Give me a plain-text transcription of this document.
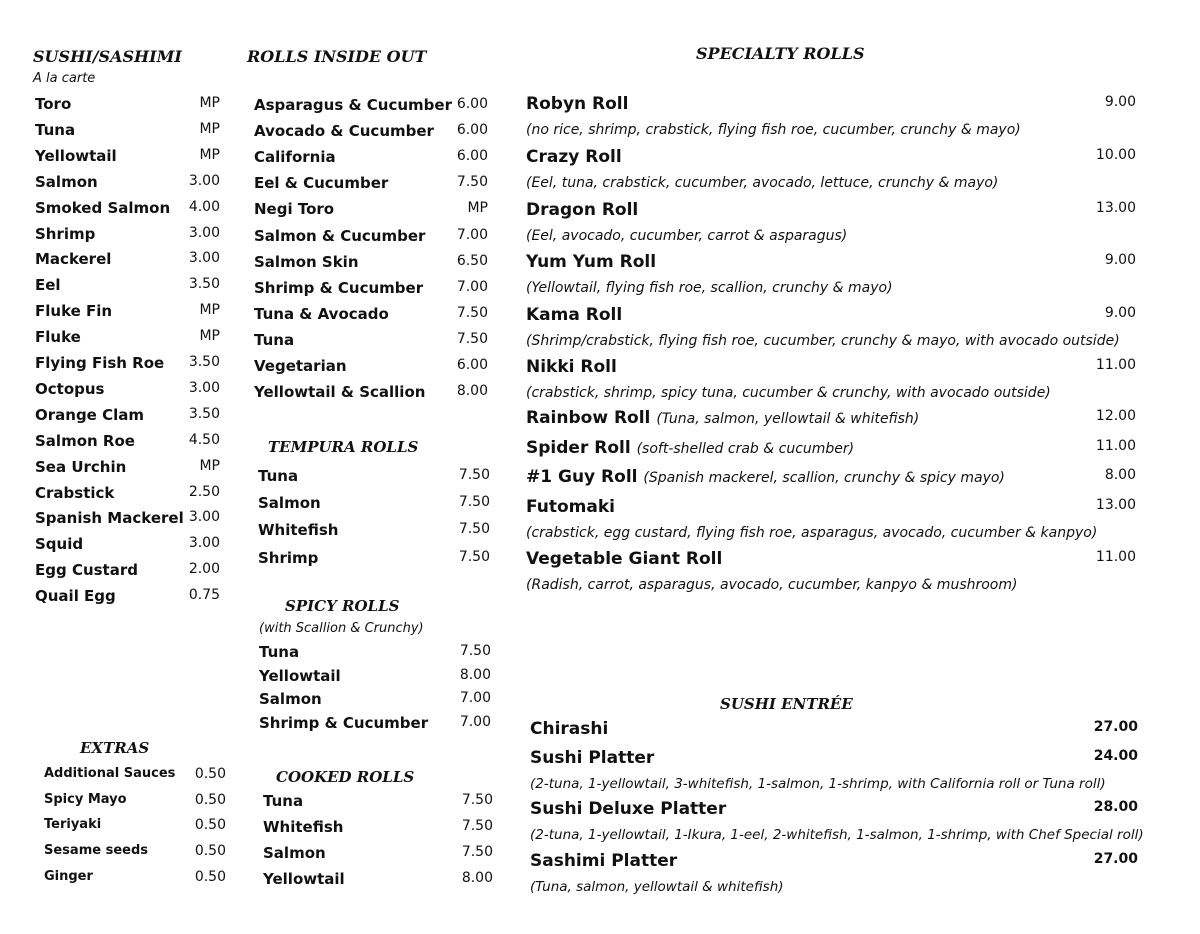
SUSHI/SASHIMI
A la carte
Toro	MP
Tuna	MP
Yellowtail	MP
Salmon	3.00
Smoked Salmon 4.00
Shrimp	3.00
Mackerel	3.00
Eel	3.50
Fluke Fin	MP
Fluke	MP
Flying Fish Roe 3.50
Octopus	3.00
Orange Clam	3.50
Salmon Roe	4.50
Sea Urchin	MP
Crabstick	2.50
Spanish Mackerel 3.00
Squid	3.00
Egg Custard	2.00
Quail Egg	0.75
EXTRAS
Additional Sauces 0.50
Spicy Mayo	0.50
Teriyaki	0.50
Sesame seeds	0.50
Ginger	0.50
ROLLS INSIDE OUT
Asparagus & Cucumber 6.00
Avocado & Cucumber 6.00
California	6.00
Eel & Cucumber	7.50
Negi Toro	MP
Salmon & Cucumber 7.00
Salmon Skin	6.50
Shrimp & Cucumber 7.00
Tuna & Avocado	7.50
Tuna	7.50
Vegetarian	6.00
Yellowtail & Scallion 8.00
TEMPURA ROLLS
Tuna	7.50
Salmon	7.50
Whitefish	7.50
Shrimp	7.50
SPICY ROLLS
(with Scallion & Crunchy)
Tuna	7.50
Yellowtail	8.00
Salmon	7.00
Shrimp & Cucumber 7.00
COOKED ROLLS
Tuna	7.50
Whitefish	7.50
Salmon	7.50
Yellowtail	8.00
SPECIALTY ROLLS
Robyn Roll	9.00
(no rice, shrimp, crabstick, flying fish roe, cucumber, crunchy & mayo)
Crazy Roll	10.00
(Eel, tuna, crabstick, cucumber, avocado, lettuce, crunchy & mayo)
Dragon Roll	13.00
(Eel, avocado, cucumber, carrot & asparagus)
Yum Yum Roll	9.00
(Yellowtail, flying fish roe, scallion, crunchy & mayo)
Kama Roll	9.00
(Shrimp/crabstick, flying fish roe, cucumber, crunchy & mayo, with avocado outside)
Nikki Roll	11.00
(crabstick, shrimp, spicy tuna, cucumber & crunchy, with avocado outside)
Rainbow Roll (Tuna, salmon, yellowtail & whitefish)	12.00
Spider Roll (soft-shelled crab & cucumber)	11.00
#1 Guy Roll (Spanish mackerel, scallion, crunchy & spicy mayo)	8.00
Futomaki	13.00
(crabstick, egg custard, flying fish roe, asparagus, avocado, cucumber & kanpyo)
Vegetable Giant Roll	11.00
(Radish, carrot, asparagus, avocado, cucumber, kanpyo & mushroom)
SUSHI ENTRÉE
Chirashi	27.00
Sushi Platter	24.00
(2-tuna, 1-yellowtail, 3-whitefish, 1-salmon, 1-shrimp, with California roll or Tuna roll)
Sushi Deluxe Platter	28.00
(2-tuna, 1-yellowtail, 1-Ikura, 1-eel, 2-whitefish, 1-salmon, 1-shrimp, with Chef Special roll)
Sashimi Platter	27.00
(Tuna, salmon, yellowtail & whitefish)
